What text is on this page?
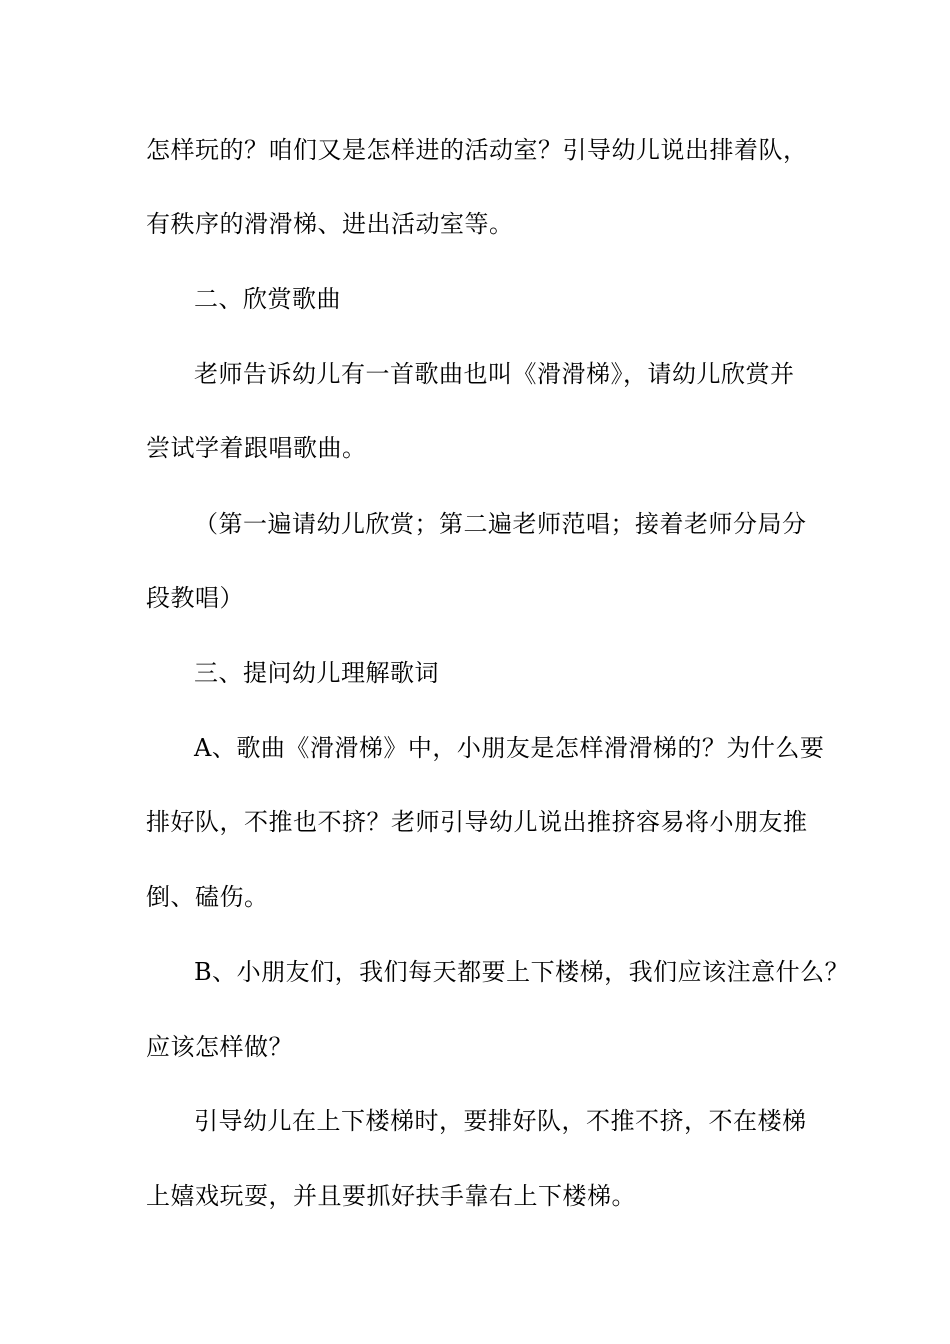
怎样玩的？咱们又是怎样进的活动室？引导幼儿说出排着队，
有秩序的滑滑梯、进出活动室等。
二、欣赏歌曲
老师告诉幼儿有一首歌曲也叫《滑滑梯》，请幼儿欣赏并
尝试学着跟唱歌曲。
（第一遍请幼儿欣赏；第二遍老师范唱；接着老师分局分
段教唱）
三、提问幼儿理解歌词
A、歌曲《滑滑梯》中，小朋友是怎样滑滑梯的？为什么要
排好队，不推也不挤？老师引导幼儿说出推挤容易将小朋友推
倒、磕伤。
B、小朋友们，我们每天都要上下楼梯，我们应该注意什么？
应该怎样做？
引导幼儿在上下楼梯时，要排好队，不推不挤，不在楼梯
上嬉戏玩耍，并且要抓好扶手靠右上下楼梯。
